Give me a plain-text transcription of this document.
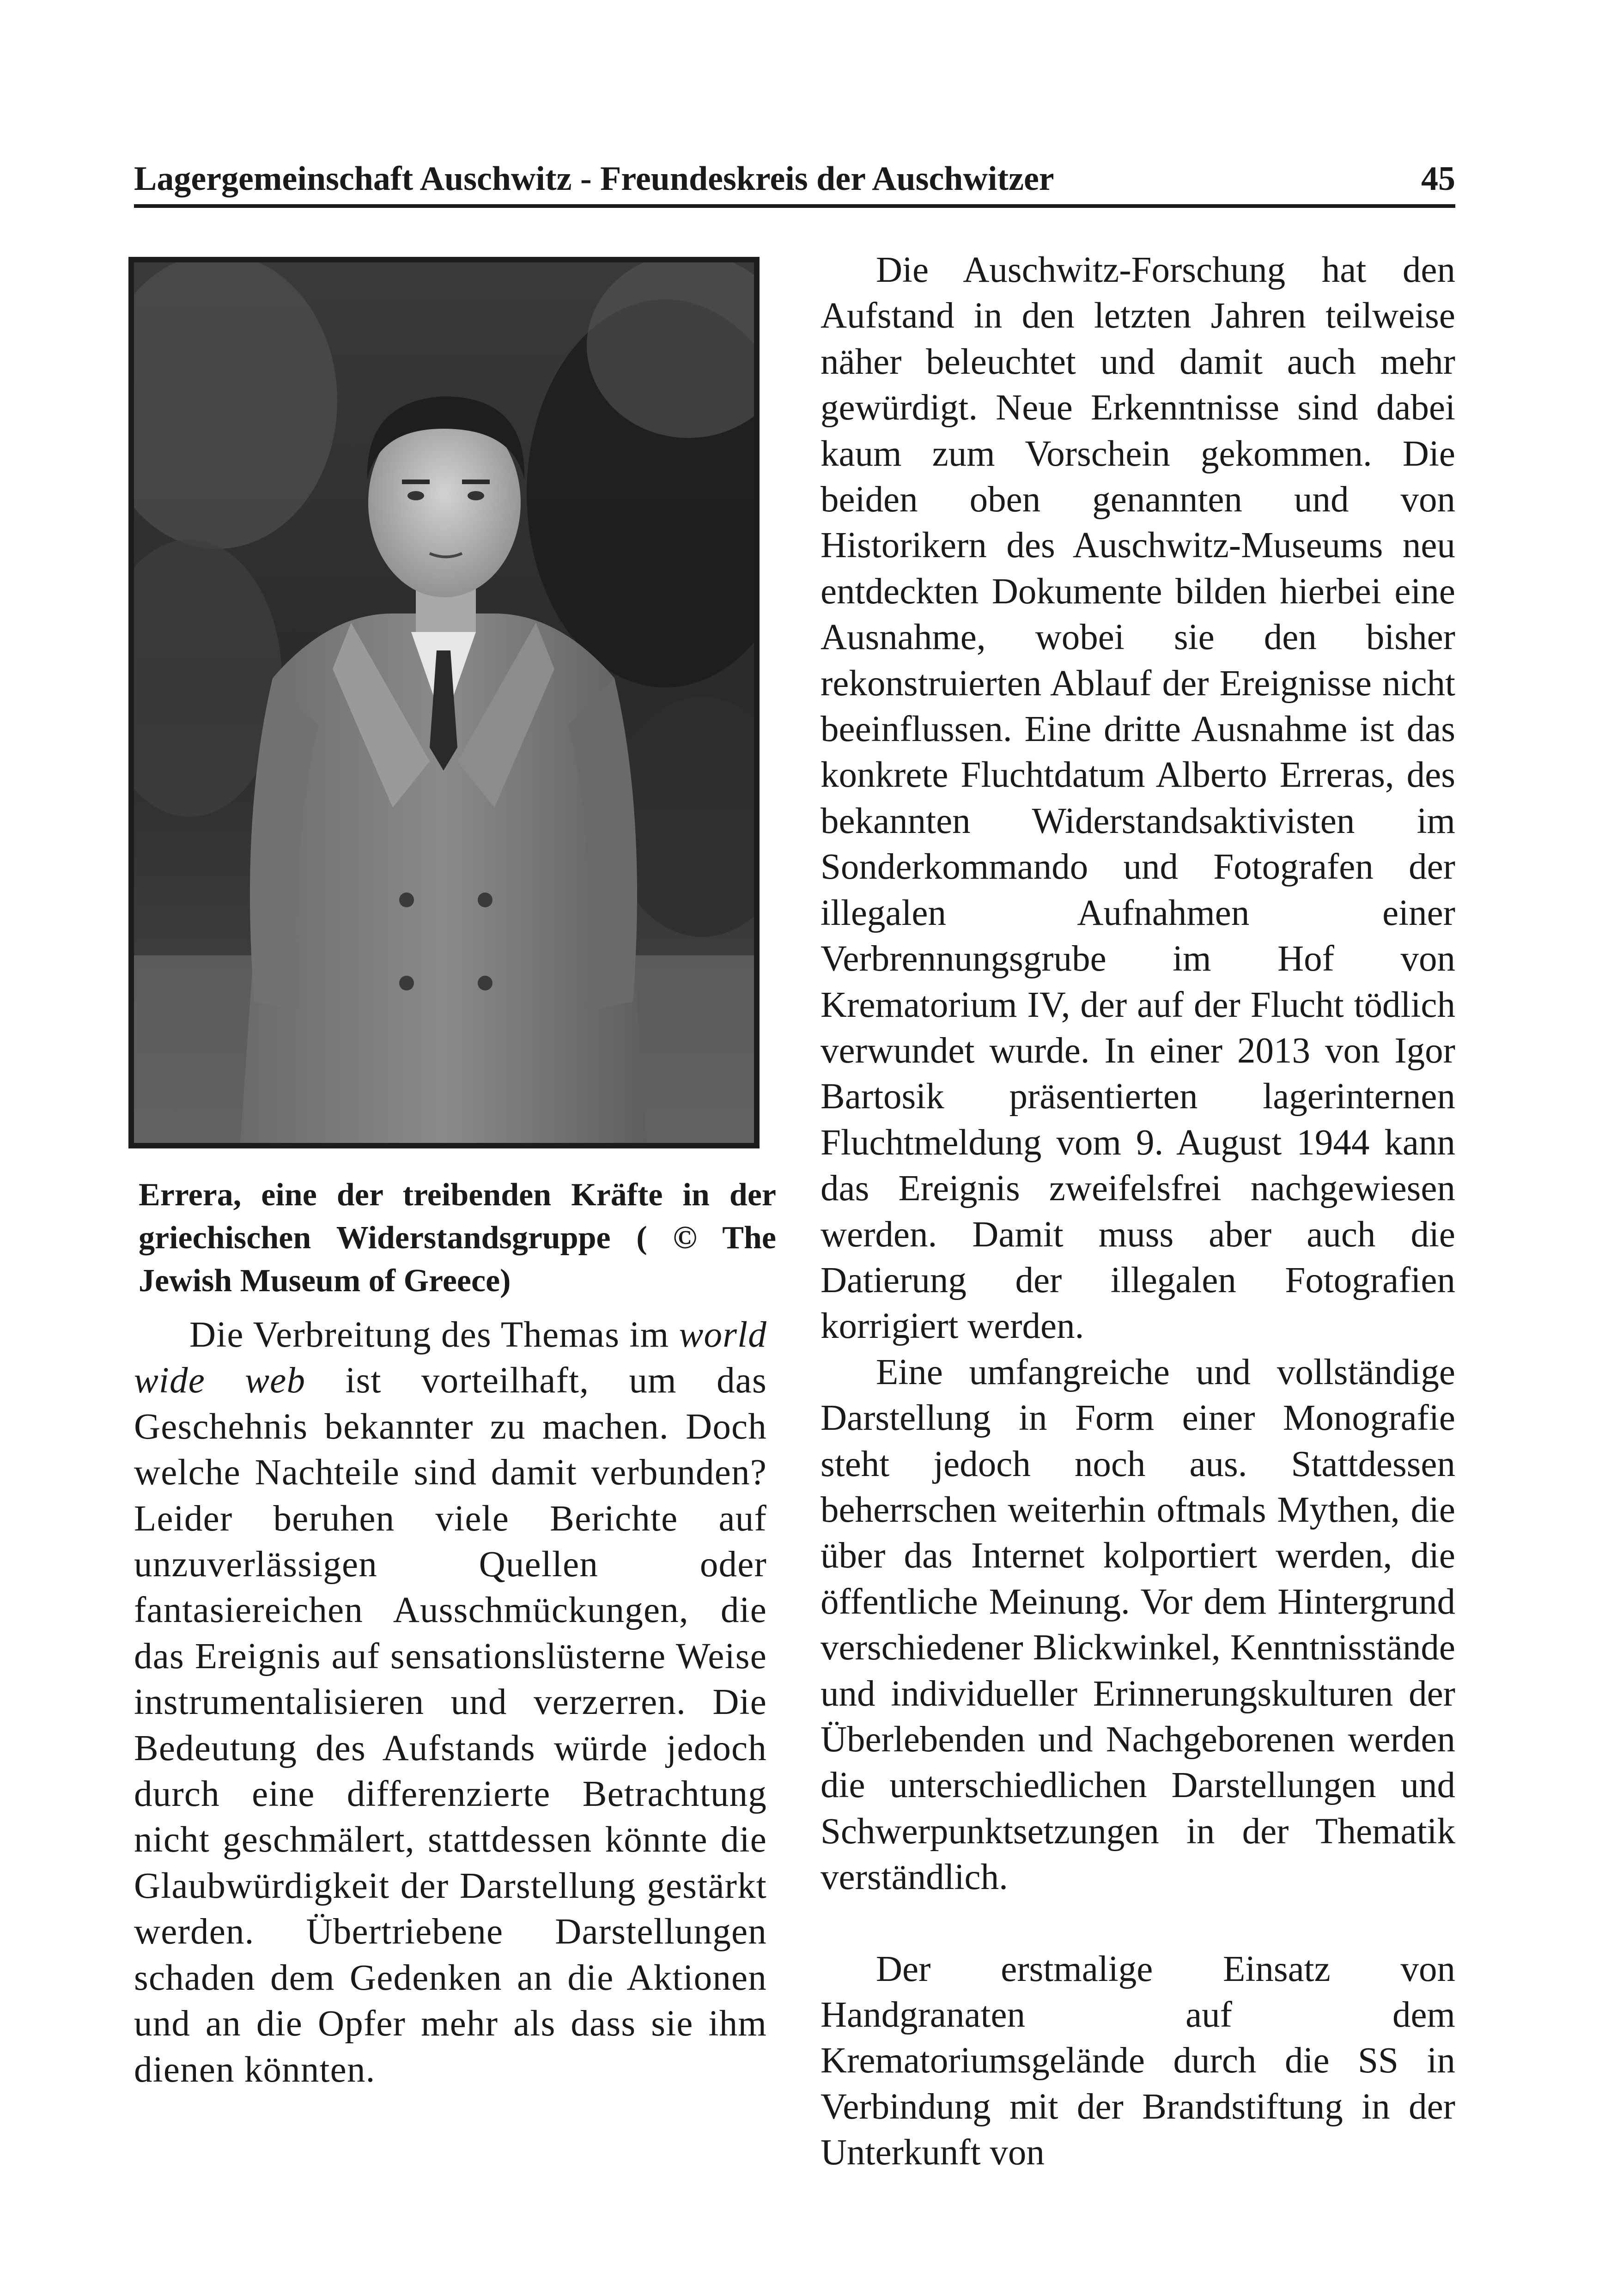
Lagergemeinschaft Auschwitz - Freundeskreis der Auschwitzer	45
Errera, eine der treibenden Kräfte in der griechischen Widerstandsgruppe ( © The Jewish Museum of Greece)

Die Verbreitung des Themas im world wide web ist vorteilhaft, um das Geschehnis bekannter zu machen. Doch welche Nachteile sind damit verbunden? Leider beruhen viele Berichte auf unzuverlässigen Quellen oder fantasiereichen Ausschmückungen, die das Ereignis auf sensationslüsterne Weise instrumentalisieren und verzerren. Die Bedeutung des Aufstands würde jedoch durch eine differenzierte Betrachtung nicht geschmälert, stattdessen könnte die Glaubwürdigkeit der Darstellung gestärkt werden. Übertriebene Darstellungen schaden dem Gedenken an die Aktionen und an die Opfer mehr als dass sie ihm dienen könnten.

Die Auschwitz-Forschung hat den Aufstand in den letzten Jahren teilweise näher beleuchtet und damit auch mehr gewürdigt. Neue Erkenntnisse sind dabei kaum zum Vorschein gekommen. Die beiden oben genannten und von Historikern des Auschwitz-Museums neu entdeckten Dokumente bilden hierbei eine Ausnahme, wobei sie den bisher rekonstruierten Ablauf der Ereignisse nicht beeinflussen. Eine dritte Ausnahme ist das konkrete Fluchtdatum Alberto Erreras, des bekannten Widerstandsaktivisten im Sonderkommando und Fotografen der illegalen Aufnahmen einer Verbrennungsgrube im Hof von Krematorium IV, der auf der Flucht tödlich verwundet wurde. In einer 2013 von Igor Bartosik präsentierten lagerinternen Fluchtmeldung vom 9. August 1944 kann das Ereignis zweifelsfrei nachgewiesen werden. Damit muss aber auch die Datierung der illegalen Fotografien korrigiert werden.

Eine umfangreiche und vollständige Darstellung in Form einer Monografie steht jedoch noch aus. Stattdessen beherrschen weiterhin oftmals Mythen, die über das Internet kolportiert werden, die öffentliche Meinung. Vor dem Hintergrund verschiedener Blickwinkel, Kenntnisstände und individueller Erinnerungskulturen der Überlebenden und Nachgeborenen werden die unterschiedlichen Darstellungen und Schwerpunktsetzungen in der Thematik verständlich.

Der erstmalige Einsatz von Handgranaten auf dem Krematoriumsgelände durch die SS in Verbindung mit der Brandstiftung in der Unterkunft von
